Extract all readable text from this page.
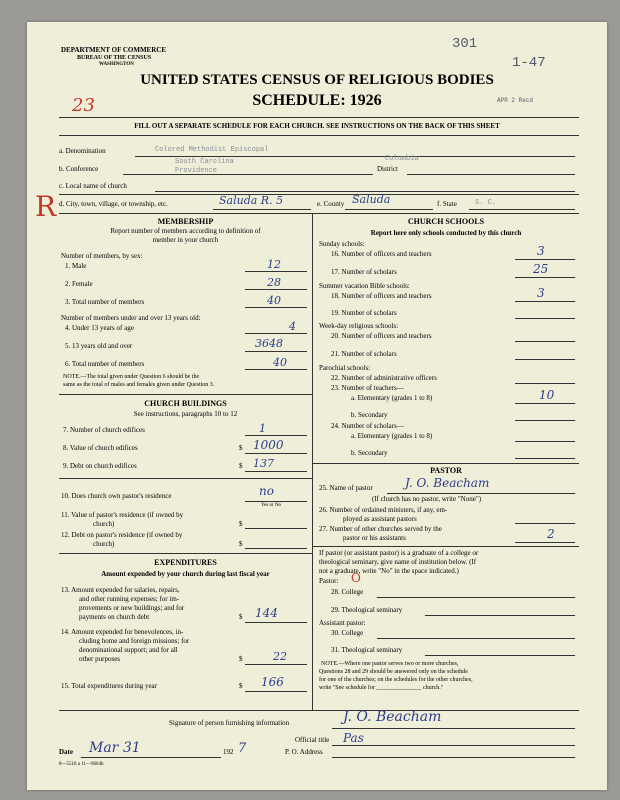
DEPARTMENT OF COMMERCE
BUREAU OF THE CENSUS
WASHINGTON
301
1-47
APR 2 Recd
23
UNITED STATES CENSUS OF RELIGIOUS BODIES
SCHEDULE: 1926
FILL OUT A SEPARATE SCHEDULE FOR EACH CHURCH. SEE INSTRUCTIONS ON THE BACK OF THIS SHEET
R
a. Denomination	Colored Methodist Episcopal
b. Conference
South Carolina
Providence	District
Columbia
c. Local name of church
d. City, town, village, or township, etc.	Saluda R. 5	e. County Saluda	f. State	S. C.
MEMBERSHIP
Report number of members according to definition of
member in your church
Number of members, by sex:
1. Male	12
2. Female	28
3. Total number of members	40
Number of members under and over 13 years old:
4. Under 13 years of age	4
5. 13 years old and over	3648
6. Total number of members	40
NOTE.—The total given under Question 6 should be the
same as the total of males and females given under Question 3.
CHURCH BUILDINGS
See instructions, paragraphs 10 to 12
7. Number of church edifices	1
8. Value of church edifices	$ 1000
9. Debt on church edifices	$ 137
10. Does church own pastor's residence	no
Yes or No
11. Value of pastor's residence (if owned by
church)	$
12. Debt on pastor's residence (if owned by
church)	$
EXPENDITURES
Amount expended by your church during last fiscal year
13. Amount expended for salaries, repairs,
and other running expenses; for im-
provements or new buildings; and for
payments on church debt	$ 144
14. Amount expended for benevolences, in-
cluding home and foreign missions; for
denominational support; and for all
other purposes	$	22
15. Total expenditures during year	$ 166
CHURCH SCHOOLS
Report here only schools conducted by this church
Sunday schools:
16. Number of officers and teachers	3
17. Number of scholars	25
Summer vacation Bible schools:
18. Number of officers and teachers	3
19. Number of scholars
Week-day religious schools:
20. Number of officers and teachers
21. Number of scholars
Parochial schools:
22. Number of administrative officers
23. Number of teachers—
a. Elementary (grades 1 to 8)	10
b. Secondary
24. Number of scholars—
a. Elementary (grades 1 to 8)
b. Secondary
PASTOR
25. Name of pastor	J. O. Beacham
(If church has no pastor, write "None")
26. Number of ordained ministers, if any, em-
ployed as assistant pastors
27. Number of other churches served by the
pastor or his assistants	2
If pastor (or assistant pastor) is a graduate of a college or
theological seminary, give name of institution below. (If
not a graduate, write "No" in the space indicated.)
Pastor: O
28. College
29. Theological seminary
Assistant pastor:
30. College
31. Theological seminary
NOTE.—Where one pastor serves two or more churches,
Questions 28 and 29 should be answered only on the schedule
for one of the churches; on the schedules for the other churches,
write "See schedule for _______________ church."
Signature of person furnishing information	J. O. Beacham
Official title Pas
Date Mar 31	192 7	P. O. Address
8—5518 a 11—9664b
